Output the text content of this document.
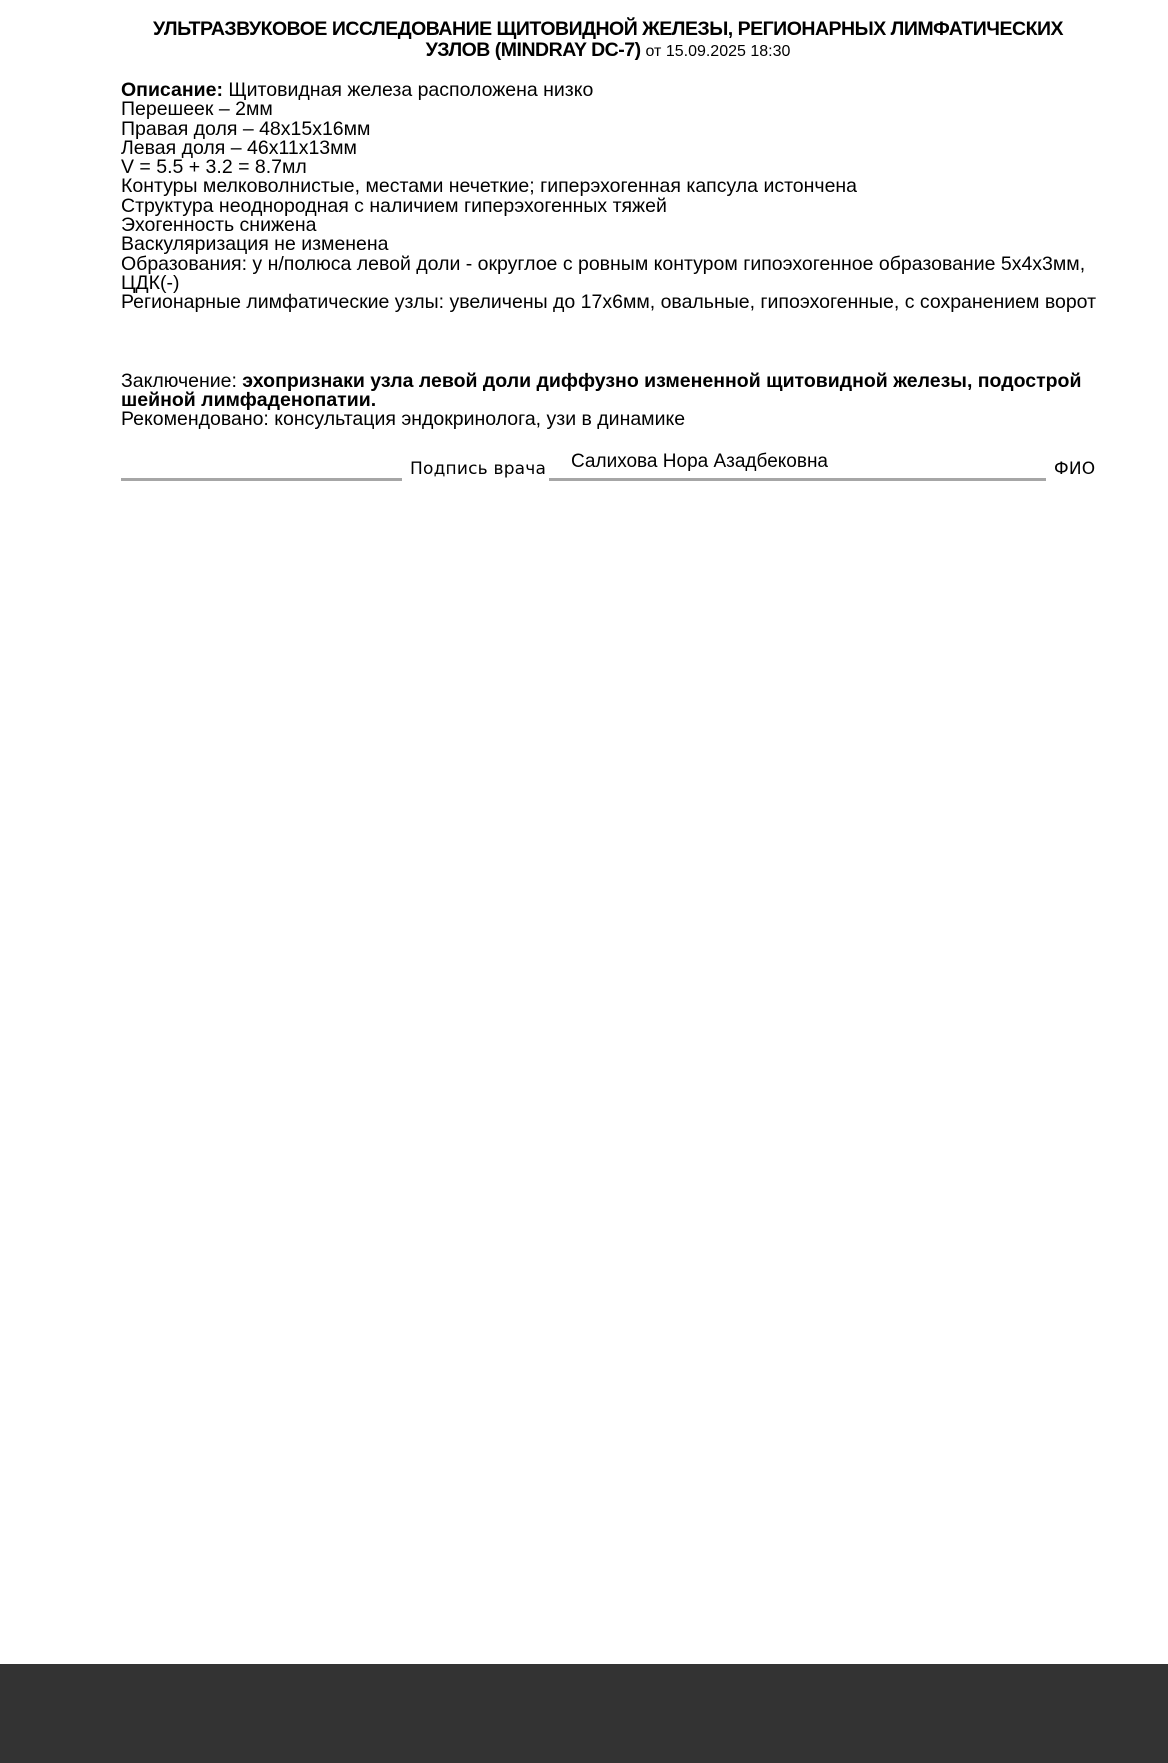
УЛЬТРАЗВУКОВОЕ ИССЛЕДОВАНИЕ ЩИТОВИДНОЙ ЖЕЛЕЗЫ, РЕГИОНАРНЫХ ЛИМФАТИЧЕСКИХ УЗЛОВ (MINDRAY DC-7) от 15.09.2025 18:30
Описание: Щитовидная железа расположена низко
Перешеек – 2мм
Правая доля – 48x15x16мм
Левая доля – 46x11x13мм
V = 5.5 + 3.2 = 8.7мл
Контуры мелковолнистые, местами нечеткие; гиперэхогенная капсула истончена
Структура неоднородная с наличием гиперэхогенных тяжей
Эхогенность снижена
Васкуляризация не изменена
Образования: у н/полюса левой доли - округлое с ровным контуром гипоэхогенное образование 5x4x3мм, ЦДК(-)
Регионарные лимфатические узлы: увеличены до 17x6мм, овальные, гипоэхогенные, с сохранением ворот
Заключение: эхопризнаки узла левой доли диффузно измененной щитовидной железы, подострой шейной лимфаденопатии.
Рекомендовано: консультация эндокринолога, узи в динамике
Подпись врача Салихова Нора Азадбековна	ФИО
